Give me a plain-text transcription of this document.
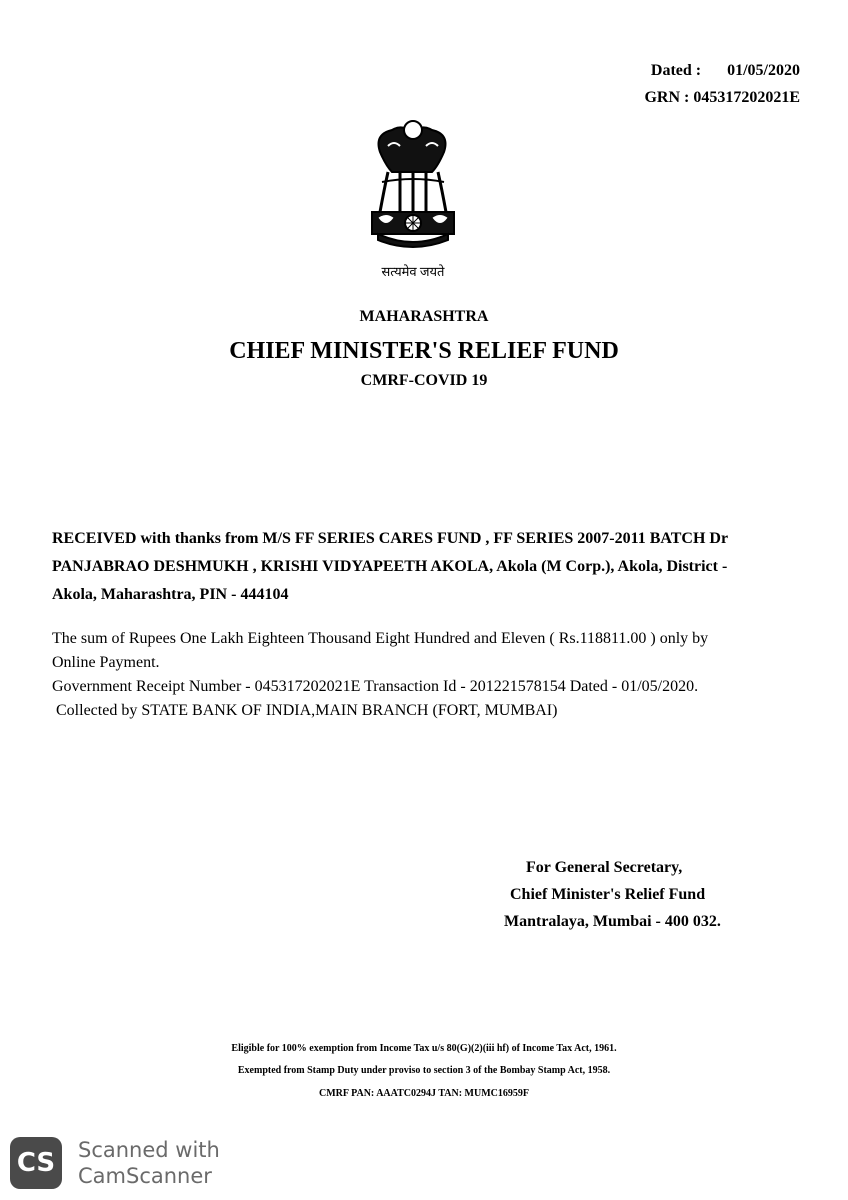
Dated : 01/05/2020
GRN : 045317202021E
सत्यमेव जयते
MAHARASHTRA
CHIEF MINISTER'S RELIEF FUND
CMRF-COVID 19
RECEIVED with thanks from M/S FF SERIES CARES FUND , FF SERIES 2007-2011 BATCH Dr
PANJABRAO DESHMUKH , KRISHI VIDYAPEETH AKOLA, Akola (M Corp.), Akola, District -
Akola, Maharashtra, PIN - 444104
The sum of Rupees One Lakh Eighteen Thousand Eight Hundred and Eleven ( Rs.118811.00 ) only by
Online Payment.
Government Receipt Number - 045317202021E Transaction Id - 201221578154 Dated - 01/05/2020.
Collected by STATE BANK OF INDIA,MAIN BRANCH (FORT, MUMBAI)
For General Secretary,
Chief Minister's Relief Fund
Mantralaya, Mumbai - 400 032.
Eligible for 100% exemption from Income Tax u/s 80(G)(2)(iii hf) of Income Tax Act, 1961.
Exempted from Stamp Duty under proviso to section 3 of the Bombay Stamp Act, 1958.
CMRF PAN: AAATC0294J TAN: MUMC16959F
CS Scanned with
CamScanner
